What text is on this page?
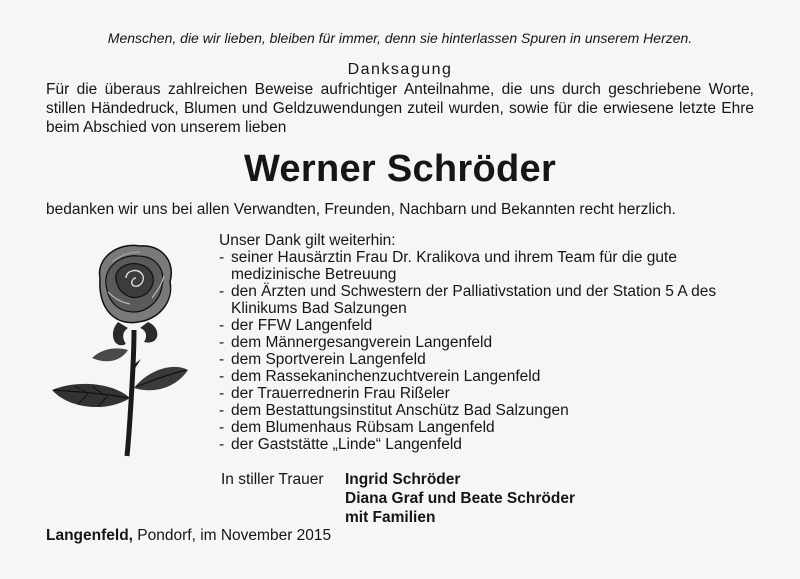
Menschen, die wir lieben, bleiben für immer, denn sie hinterlassen Spuren in unserem Herzen.
Danksagung
Für die überaus zahlreichen Beweise aufrichtiger Anteilnahme, die uns durch geschriebene Worte, stillen Händedruck, Blumen und Geldzuwendungen zuteil wurden, sowie für die erwiesene letzte Ehre beim Abschied von unserem lieben
Werner Schröder
bedanken wir uns bei allen Verwandten, Freunden, Nachbarn und Bekannten recht herzlich.
Unser Dank gilt weiterhin:
- seiner Hausärztin Frau Dr. Kralikova und ihrem Team für die gute medizinische Betreuung
- den Ärzten und Schwestern der Palliativstation und der Station 5 A des Klinikums Bad Salzungen
- der FFW Langenfeld
- dem Männergesangverein Langenfeld
- dem Sportverein Langenfeld
- dem Rassekaninchenzuchtverein Langenfeld
- der Trauerrednerin Frau Rißeler
- dem Bestattungsinstitut Anschütz Bad Salzungen
- dem Blumenhaus Rübsam Langenfeld
- der Gaststätte „Linde“ Langenfeld
In stiller Trauer	Ingrid Schröder
Diana Graf und Beate Schröder
mit Familien
Langenfeld, Pondorf, im November 2015
